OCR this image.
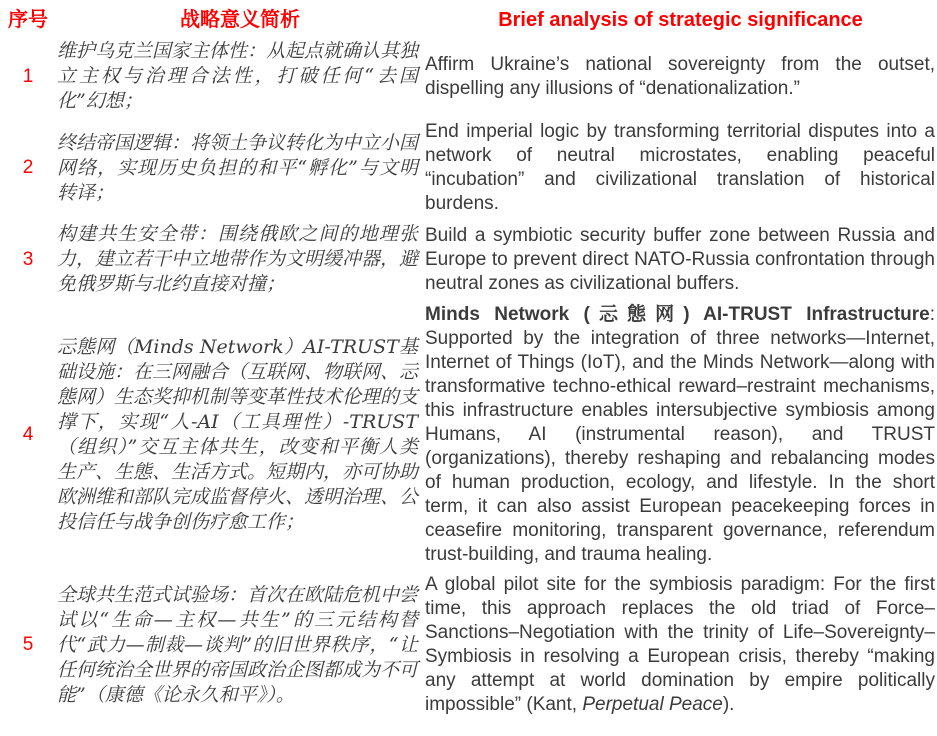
序号	战略意义简析	Brief analysis of strategic significance
1	维护乌克兰国家主体性：从起点就确认其独立主权与治理合法性，打破任何“去国化”幻想；	Affirm Ukraine’s national sovereignty from the outset, dispelling any illusions of “denationalization.”
2	终结帝国逻辑：将领土争议转化为中立小国网络，实现历史负担的和平“孵化”与文明转译；	End imperial logic by transforming territorial disputes into a network of neutral microstates, enabling peaceful “incubation” and civilizational translation of historical burdens.
3	构建共生安全带：围绕俄欧之间的地理张力，建立若干中立地带作为文明缓冲器，避免俄罗斯与北约直接对撞；	Build a symbiotic security buffer zone between Russia and Europe to prevent direct NATO-Russia confrontation through neutral zones as civilizational buffers.
4	忈態网（Minds Network）AI-TRUST基础设施：在三网融合（互联网、物联网、忈態网）生态奖抑机制等变革性技术伦理的支撑下，实现“人-AI（工具理性）-TRUST（组织）”交互主体共生，改变和平衡人类生产、生態、生活方式。短期内，亦可协助欧洲维和部队完成监督停火、透明治理、公投信任与战争创伤疗愈工作；	Minds Network (忈態网) AI-TRUST Infrastructure: Supported by the integration of three networks—Internet, Internet of Things (IoT), and the Minds Network—along with transformative techno-ethical reward–restraint mechanisms, this infrastructure enables intersubjective symbiosis among Humans, AI (instrumental reason), and TRUST (organizations), thereby reshaping and rebalancing modes of human production, ecology, and lifestyle. In the short term, it can also assist European peacekeeping forces in ceasefire monitoring, transparent governance, referendum trust-building, and trauma healing.
5	全球共生范式试验场：首次在欧陆危机中尝试以“生命—主权—共生”的三元结构替代“武力—制裁—谈判”的旧世界秩序，“让任何统治全世界的帝国政治企图都成为不可能”（康德《论永久和平》）。	A global pilot site for the symbiosis paradigm: For the first time, this approach replaces the old triad of Force–Sanctions–Negotiation with the trinity of Life–Sovereignty–Symbiosis in resolving a European crisis, thereby “making any attempt at world domination by empire politically impossible” (Kant, Perpetual Peace).
